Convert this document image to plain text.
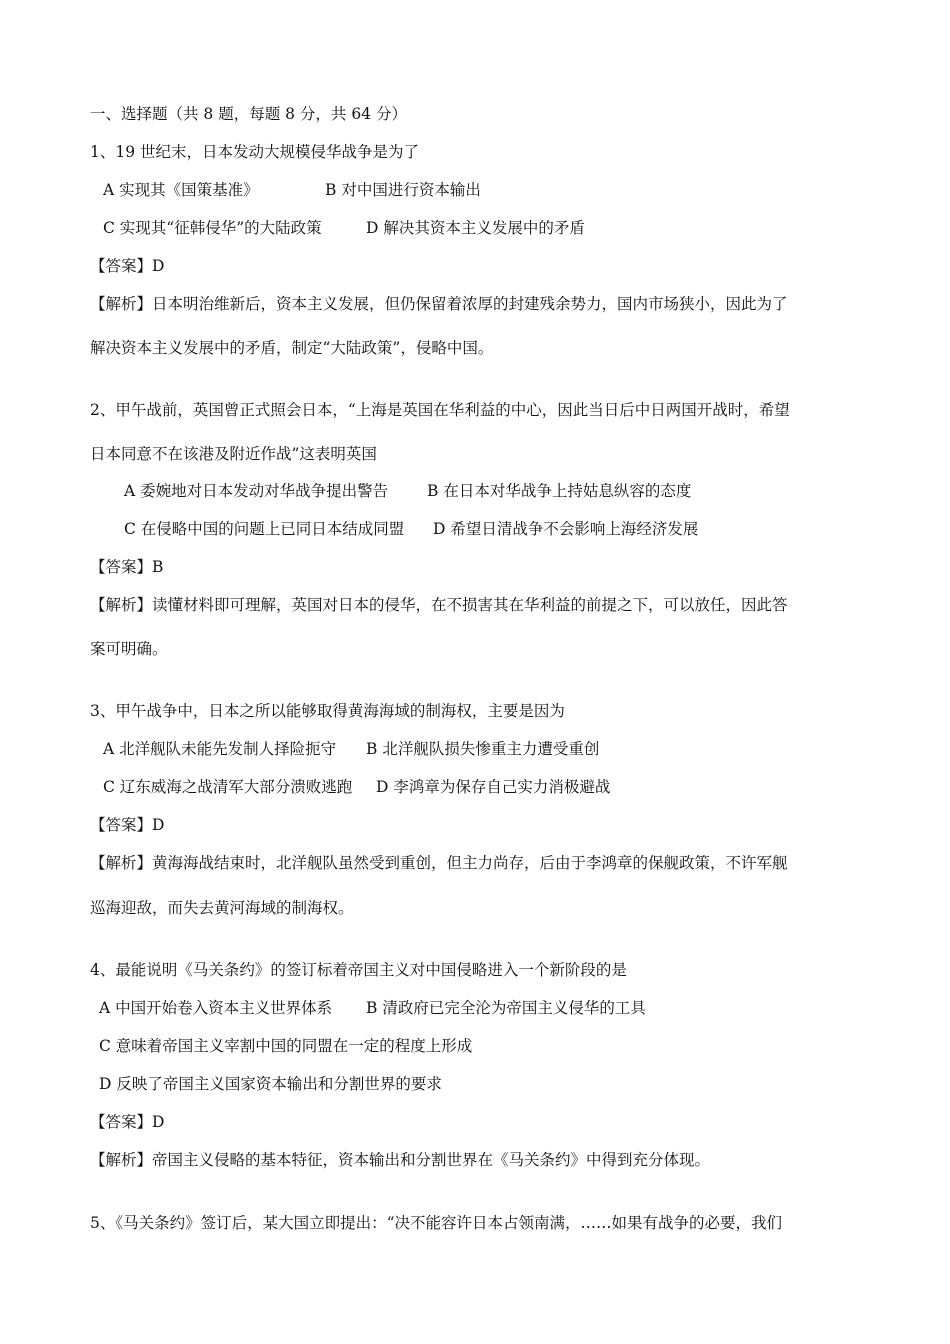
一、选择题（共 8 题，每题 8 分，共 64 分）
1、19 世纪末，日本发动大规模侵华战争是为了
A 实现其《国策基准》	B 对中国进行资本输出
C 实现其“征韩侵华”的大陆政策	D 解决其资本主义发展中的矛盾
【答案】D
【解析】日本明治维新后，资本主义发展，但仍保留着浓厚的封建残余势力，国内市场狭小，因此为了
解决资本主义发展中的矛盾，制定“大陆政策”，侵略中国。
2、甲午战前，英国曾正式照会日本，“上海是英国在华利益的中心，因此当日后中日两国开战时，希望
日本同意不在该港及附近作战”这表明英国
A 委婉地对日本发动对华战争提出警告	B 在日本对华战争上持姑息纵容的态度
C 在侵略中国的问题上已同日本结成同盟 D 希望日清战争不会影响上海经济发展
【答案】B
【解析】读懂材料即可理解，英国对日本的侵华，在不损害其在华利益的前提之下，可以放任，因此答
案可明确。
3、甲午战争中，日本之所以能够取得黄海海域的制海权，主要是因为
A 北洋舰队未能先发制人择险扼守 B 北洋舰队损失惨重主力遭受重创
C 辽东威海之战清军大部分溃败逃跑 D 李鸿章为保存自己实力消极避战
【答案】D
【解析】黄海海战结束时，北洋舰队虽然受到重创，但主力尚存，后由于李鸿章的保舰政策，不许军舰
巡海迎敌，而失去黄河海域的制海权。
4、最能说明《马关条约》的签订标着帝国主义对中国侵略进入一个新阶段的是
A 中国开始卷入资本主义世界体系 B 清政府已完全沦为帝国主义侵华的工具
C 意味着帝国主义宰割中国的同盟在一定的程度上形成
D 反映了帝国主义国家资本输出和分割世界的要求
【答案】D
【解析】帝国主义侵略的基本特征，资本输出和分割世界在《马关条约》中得到充分体现。
5、《马关条约》签订后，某大国立即提出：“决不能容许日本占领南满，……如果有战争的必要，我们
